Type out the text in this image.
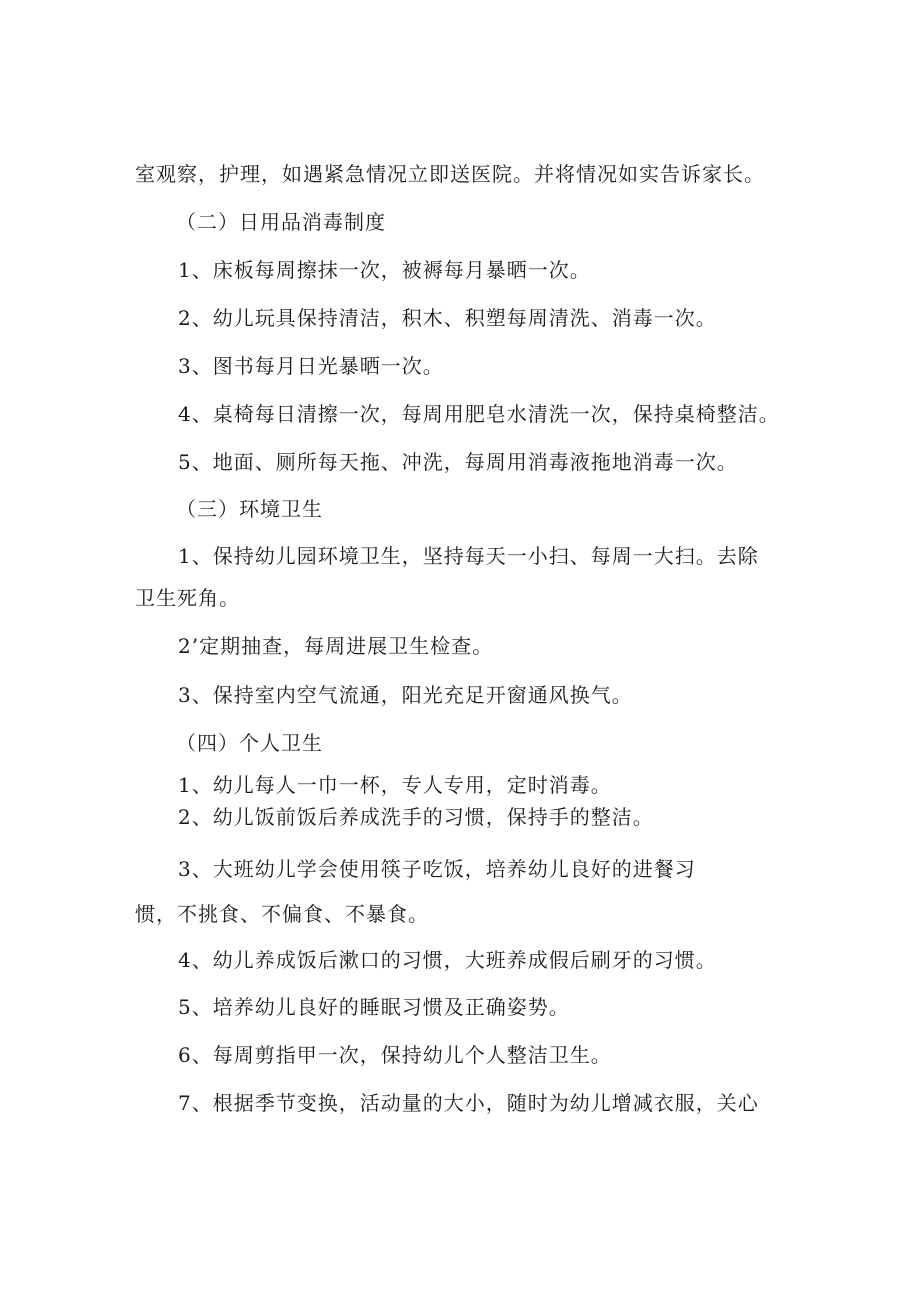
室观察，护理，如遇紧急情况立即送医院。并将情况如实告诉家长。
（二）日用品消毒制度
1、床板每周擦抹一次，被褥每月暴晒一次。
2、幼儿玩具保持清洁，积木、积塑每周清洗、消毒一次。
3、图书每月日光暴晒一次。
4、桌椅每日清擦一次，每周用肥皂水清洗一次，保持桌椅整洁。
5、地面、厕所每天拖、冲洗，每周用消毒液拖地消毒一次。
（三）环境卫生
1、保持幼儿园环境卫生，坚持每天一小扫、每周一大扫。去除
卫生死角。
2’定期抽查，每周进展卫生检查。
3、保持室内空气流通，阳光充足开窗通风换气。
（四）个人卫生
1、幼儿每人一巾一杯，专人专用，定时消毒。
2、幼儿饭前饭后养成洗手的习惯，保持手的整洁。
3、大班幼儿学会使用筷子吃饭，培养幼儿良好的进餐习
惯，不挑食、不偏食、不暴食。
4、幼儿养成饭后漱口的习惯，大班养成假后刷牙的习惯。
5、培养幼儿良好的睡眠习惯及正确姿势。
6、每周剪指甲一次，保持幼儿个人整洁卫生。
7、根据季节变换，活动量的大小，随时为幼儿增减衣服，关心
